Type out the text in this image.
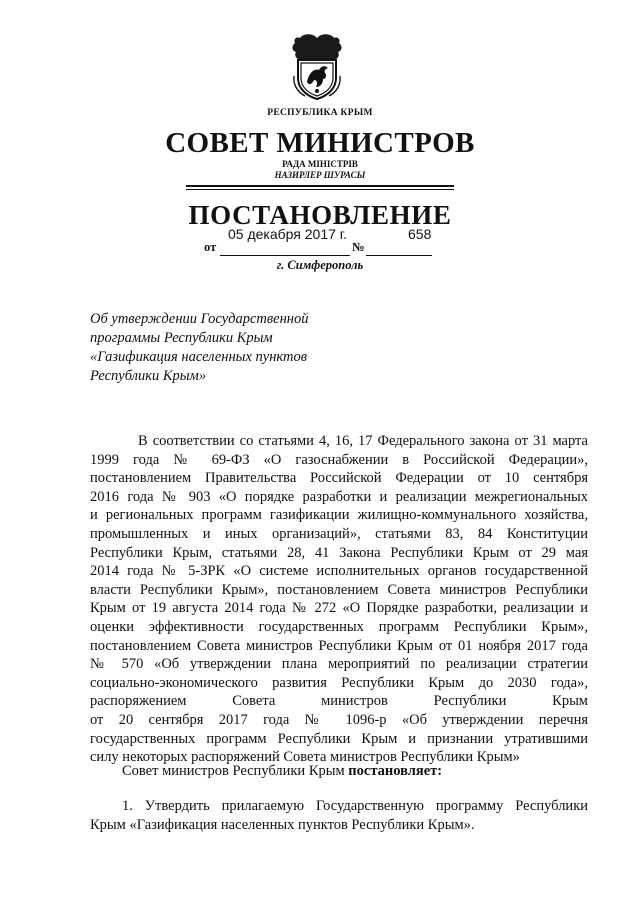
РЕСПУБЛИКА КРЫМ
СОВЕТ МИНИСТРОВ
РАДА МІНІСТРІВ
НАЗИРЛЕР ШУРАСЫ
ПОСТАНОВЛЕНИЕ
05 декабря 2017 г.	658
от	№
г. Симферополь
Об утверждении Государственной
программы Республики Крым
«Газификация населенных пунктов
Республики Крым»
В соответствии со статьями 4, 16, 17 Федерального закона от 31 марта
1999 года № 69-ФЗ «О газоснабжении в Российской Федерации»,
постановлением Правительства Российской Федерации от 10 сентября
2016 года № 903 «О порядке разработки и реализации межрегиональных
и региональных программ газификации жилищно-коммунального хозяйства,
промышленных и иных организаций», статьями 83, 84 Конституции
Республики Крым, статьями 28, 41 Закона Республики Крым от 29 мая
2014 года № 5-ЗРК «О системе исполнительных органов государственной
власти Республики Крым», постановлением Совета министров Республики
Крым от 19 августа 2014 года № 272 «О Порядке разработки, реализации и
оценки эффективности государственных программ Республики Крым»,
постановлением Совета министров Республики Крым от 01 ноября 2017 года
№ 570 «Об утверждении плана мероприятий по реализации стратегии
социально-экономического развития Республики Крым до 2030 года»,
распоряжением Совета министров Республики Крым
от 20 сентября 2017 года № 1096-р «Об утверждении перечня
государственных программ Республики Крым и признании утратившими
силу некоторых распоряжений Совета министров Республики Крым»
Совет министров Республики Крым постановляет:
1. Утвердить прилагаемую Государственную программу Республики
Крым «Газификация населенных пунктов Республики Крым».
